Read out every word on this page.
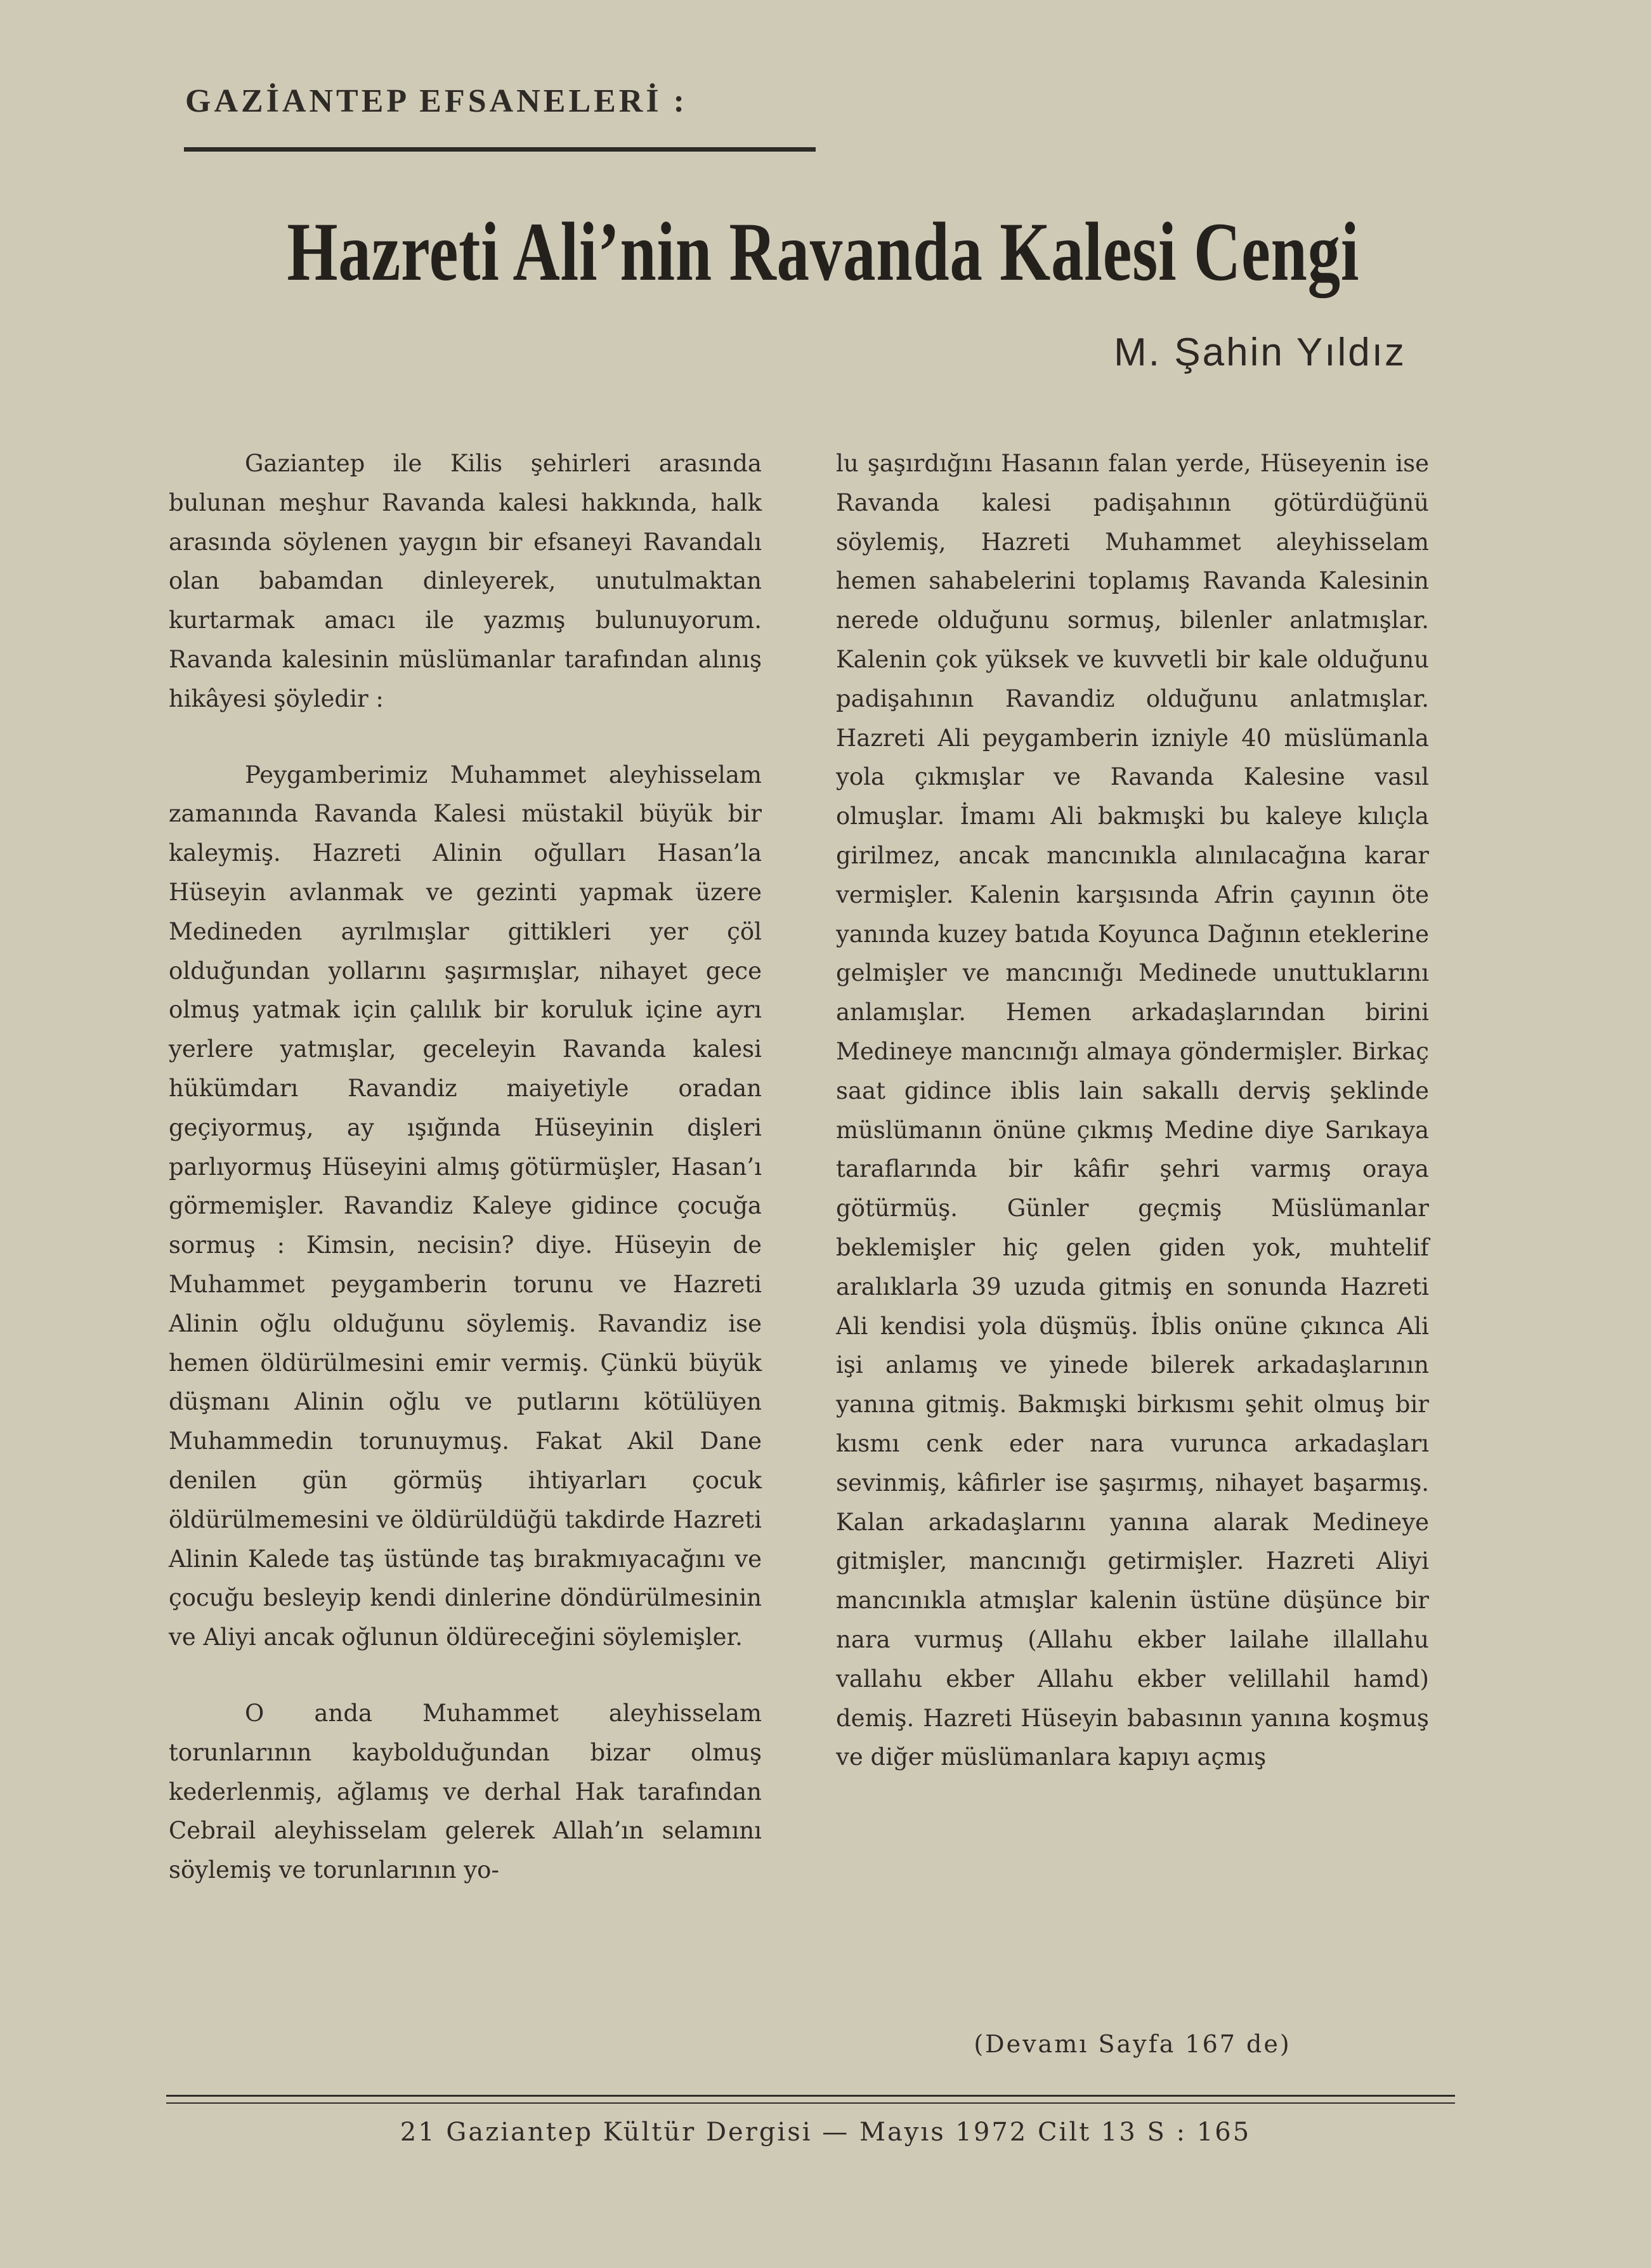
GAZİANTEP EFSANELERİ :
Hazreti Ali’nin Ravanda Kalesi Cengi
M. Şahin Yıldız

Gaziantep ile Kilis şehirleri arasında bulunan meşhur Ravanda kalesi hakkında, halk arasında söylenen yaygın bir efsaneyi Ravandalı olan babamdan dinleyerek, unutulmaktan kurtarmak amacı ile yazmış bulunuyorum. Ravanda kalesinin müslümanlar tarafından alınış hikâyesi şöyledir :

Peygamberimiz Muhammet aleyhisselam zamanında Ravanda Kalesi müstakil büyük bir kaleymiş. Hazreti Alinin oğulları Hasan’la Hüseyin avlanmak ve gezinti yapmak üzere Medineden ayrılmışlar gittikleri yer çöl olduğundan yollarını şaşırmışlar, nihayet gece olmuş yatmak için çalılık bir koruluk içine ayrı yerlere yatmışlar, geceleyin Ravanda kalesi hükümdarı Ravandiz maiyetiyle oradan geçiyormuş, ay ışığında Hüseyinin dişleri parlıyormuş Hüseyini almış götürmüşler, Hasan’ı görmemişler. Ravandiz Kaleye gidince çocuğa sormuş : Kimsin, necisin? diye. Hüseyin de Muhammet peygamberin torunu ve Hazreti Alinin oğlu olduğunu söylemiş. Ravandiz ise hemen öldürülmesini emir vermiş. Çünkü büyük düşmanı Alinin oğlu ve putlarını kötülüyen Muhammedin torunuymuş. Fakat Akil Dane denilen gün görmüş ihtiyarları çocuk öldürülmemesini ve öldürüldüğü takdirde Hazreti Alinin Kalede taş üstünde taş bırakmıyacağını ve çocuğu besleyip kendi dinlerine döndürülmesinin ve Aliyi ancak oğlunun öldüreceğini söylemişler.

O anda Muhammet aleyhisselam torunlarının kaybolduğundan bizar olmuş kederlenmiş, ağlamış ve derhal Hak tarafından Cebrail aleyhisselam gelerek Allah’ın selamını söylemiş ve torunlarının yo-

lu şaşırdığını Hasanın falan yerde, Hüseyenin ise Ravanda kalesi padişahının götürdüğünü söylemiş, Hazreti Muhammet aleyhisselam hemen sahabelerini toplamış Ravanda Kalesinin nerede olduğunu sormuş, bilenler anlatmışlar. Kalenin çok yüksek ve kuvvetli bir kale olduğunu padişahının Ravandiz olduğunu anlatmışlar. Hazreti Ali peygamberin izniyle 40 müslümanla yola çıkmışlar ve Ravanda Kalesine vasıl olmuşlar. İmamı Ali bakmışki bu kaleye kılıçla girilmez, ancak mancınıkla alınılacağına karar vermişler. Kalenin karşısında Afrin çayının öte yanında kuzey batıda Koyunca Dağının eteklerine gelmişler ve mancınığı Medinede unuttuklarını anlamışlar. Hemen arkadaşlarından birini Medineye mancınığı almaya göndermişler. Birkaç saat gidince iblis lain sakallı derviş şeklinde müslümanın önüne çıkmış Medine diye Sarıkaya taraflarında bir kâfir şehri varmış oraya götürmüş. Günler geçmiş Müslümanlar beklemişler hiç gelen giden yok, muhtelif aralıklarla 39 uzuda gitmiş en sonunda Hazreti Ali kendisi yola düşmüş. İblis onüne çıkınca Ali işi anlamış ve yinede bilerek arkadaşlarının yanına gitmiş. Bakmışki birkısmı şehit olmuş bir kısmı cenk eder nara vurunca arkadaşları sevinmiş, kâfirler ise şaşırmış, nihayet başarmış. Kalan arkadaşlarını yanına alarak Medineye gitmişler, mancınığı getirmişler. Hazreti Aliyi mancınıkla atmışlar kalenin üstüne düşünce bir nara vurmuş (Allahu ekber lailahe illallahu vallahu ekber Allahu ekber velillahil hamd) demiş. Hazreti Hüseyin babasının yanına koşmuş ve diğer müslümanlara kapıyı açmış

(Devamı Sayfa 167 de)
21 Gaziantep Kültür Dergisi — Mayıs 1972 Cilt 13 S : 165
